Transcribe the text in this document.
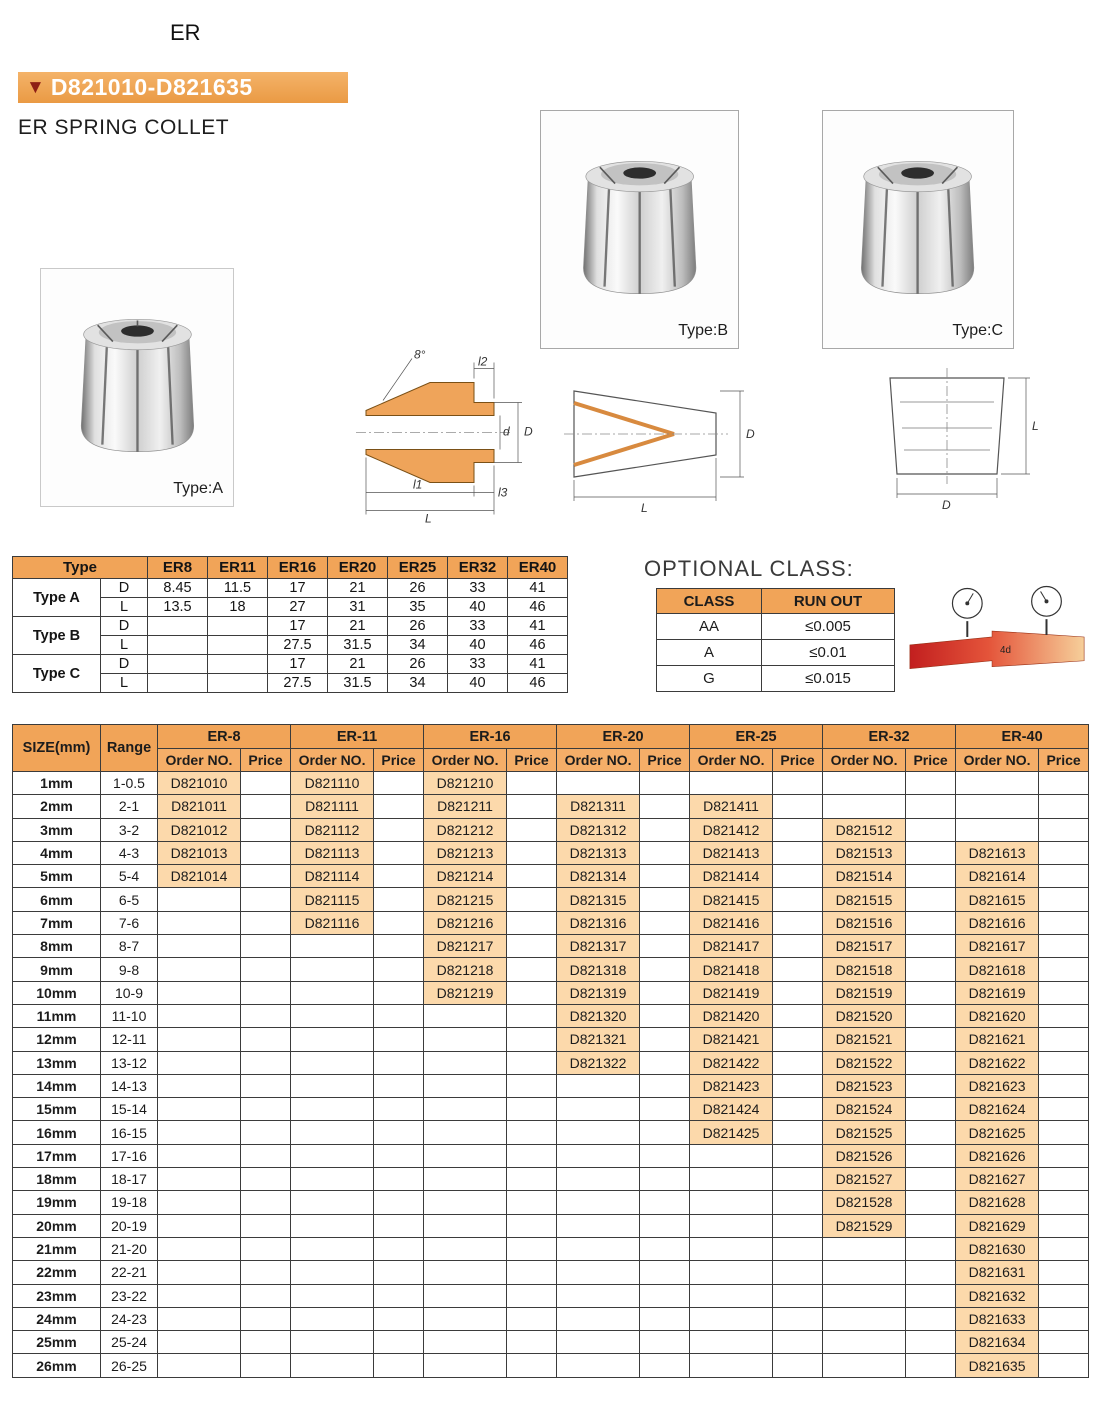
ER
▼ D821010-D821635
ER SPRING COLLET
Type:A
Type:B	Type:C
8°	l2
d D
l1
l3
L
D
L
L
D
Type		ER8	ER11	ER16	ER20	ER25	ER32	ER40
Type A	D	8.45	11.5	17	21	26	33	41
	L	13.5	18	27	31	35	40	46
Type B	D			17	21	26	33	41
	L			27.5	31.5	34	40	46
Type C	D			17	21	26	33	41
	L			27.5	31.5	34	40	46
OPTIONAL CLASS:
CLASS	RUN OUT
AA	≤0.005
A	≤0.01
G	≤0.015
4d
SIZE(mm)	Range	ER-8		ER-11		ER-16		ER-20		ER-25		ER-32		ER-40	
		Order NO.	Price	Order NO.	Price	Order NO.	Price	Order NO.	Price	Order NO.	Price	Order NO.	Price	Order NO.	Price
1mm	1-0.5	D821010		D821110		D821210									
2mm	2-1	D821011		D821111		D821211		D821311		D821411					
3mm	3-2	D821012		D821112		D821212		D821312		D821412		D821512			
4mm	4-3	D821013		D821113		D821213		D821313		D821413		D821513		D821613	
5mm	5-4	D821014		D821114		D821214		D821314		D821414		D821514		D821614	
6mm	6-5			D821115		D821215		D821315		D821415		D821515		D821615	
7mm	7-6			D821116		D821216		D821316		D821416		D821516		D821616	
8mm	8-7					D821217		D821317		D821417		D821517		D821617	
9mm	9-8					D821218		D821318		D821418		D821518		D821618	
10mm	10-9					D821219		D821319		D821419		D821519		D821619	
11mm	11-10							D821320		D821420		D821520		D821620	
12mm	12-11							D821321		D821421		D821521		D821621	
13mm	13-12							D821322		D821422		D821522		D821622	
14mm	14-13									D821423		D821523		D821623	
15mm	15-14									D821424		D821524		D821624	
16mm	16-15									D821425		D821525		D821625	
17mm	17-16											D821526		D821626	
18mm	18-17											D821527		D821627	
19mm	19-18											D821528		D821628	
20mm	20-19											D821529		D821629	
21mm	21-20													D821630	
22mm	22-21													D821631	
23mm	23-22													D821632	
24mm	24-23													D821633	
25mm	25-24													D821634	
26mm	26-25													D821635	
